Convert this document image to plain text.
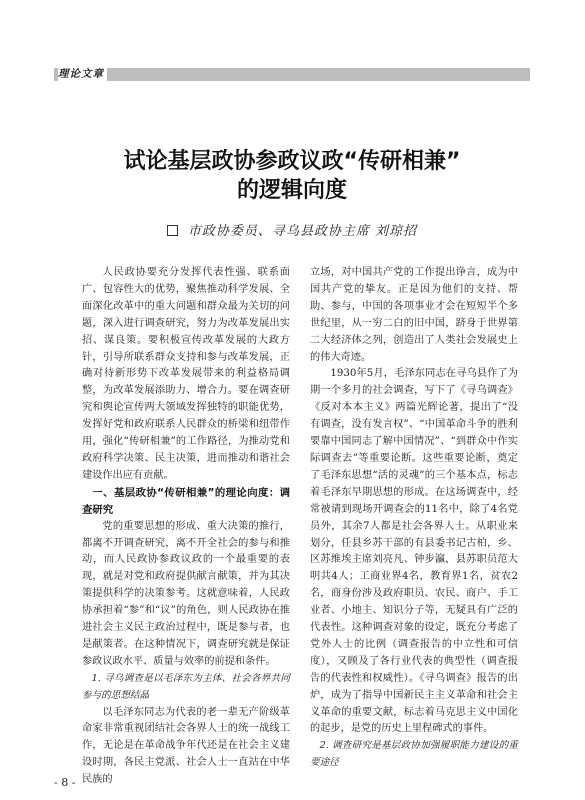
理论文章
试论基层政协参政议政“传研相兼”
的逻辑向度
市政协委员、寻乌县政协主席 刘琼招

人民政协要充分发挥代表性强、联系面广、包容性大的优势，聚焦推动科学发展、全面深化改革中的重大问题和群众最为关切的问题，深入进行调查研究，努力为改革发展出实招、谋良策。要积极宣传改革发展的大政方针，引导所联系群众支持和参与改革发展，正确对待新形势下改革发展带来的利益格局调整，为改革发展添助力、增合力。要在调查研究和舆论宣传两大领域发挥独特的职能优势，发挥好党和政府联系人民群众的桥梁和纽带作用，强化“传研相兼”的工作路径，为推动党和政府科学决策、民主决策，进而推动和谐社会建设作出应有贡献。

一、基层政协“传研相兼”的理论向度：调查研究

党的重要思想的形成、重大决策的推行，都离不开调查研究，离不开全社会的参与和推动，而人民政协参政议政的一个最重要的表现，就是对党和政府提供献言献策，并为其决策提供科学的决策参考。这就意味着，人民政协承担着“参”和“议”的角色，则人民政协在推进社会主义民主政治过程中，既是参与者，也是献策者。在这种情况下，调查研究就是保证参政议政水平、质量与效率的前提和条件。

1. 寻乌调查是以毛泽东为主体、社会各界共同参与的思想结晶

以毛泽东同志为代表的老一辈无产阶级革命家非常重视团结社会各界人士的统一战线工作，无论是在革命战争年代还是在社会主义建设时期，各民主党派、社会人士一直站在中华民族的

立场，对中国共产党的工作提出诤言，成为中国共产党的挚友。正是因为他们的支持、帮助、参与，中国的各项事业才会在短短半个多世纪里，从一穷二白的旧中国，跻身于世界第二大经济体之列，创造出了人类社会发展史上的伟大奇迹。

1930年5月，毛泽东同志在寻乌县作了为期一个多月的社会调查，写下了《寻乌调查》《反对本本主义》两篇光辉论著，提出了“没有调查，没有发言权”、“中国革命斗争的胜利要靠中国同志了解中国情况”、“到群众中作实际调查去”等重要论断。这些重要论断，奠定了毛泽东思想“活的灵魂”的三个基本点，标志着毛泽东早期思想的形成。在这场调查中，经常被请到现场开调查会的11名中，除了4名党员外，其余7人都是社会各界人士。从职业来划分，任县乡苏干部的有县委书记古柏，乡、区苏维埃主席刘亮凡、钟步瀛，县苏职员范大明共4人；工商业界4名，教育界1名，贫农2名，商身份涉及政府职员、农民、商户、手工业者、小地主、知识分子等，无疑具有广泛的代表性。这种调查对象的设定，既充分考虑了党外人士的比例（调查报告的中立性和可信度），又顾及了各行业代表的典型性（调查报告的代表性和权威性）。《寻乌调查》报告的出炉，成为了指导中国新民主主义革命和社会主义革命的重要文献，标志着马克思主义中国化的起步，是党的历史上里程碑式的事件。

2. 调查研究是基层政协加强履职能力建设的重要途径
- 8 -
